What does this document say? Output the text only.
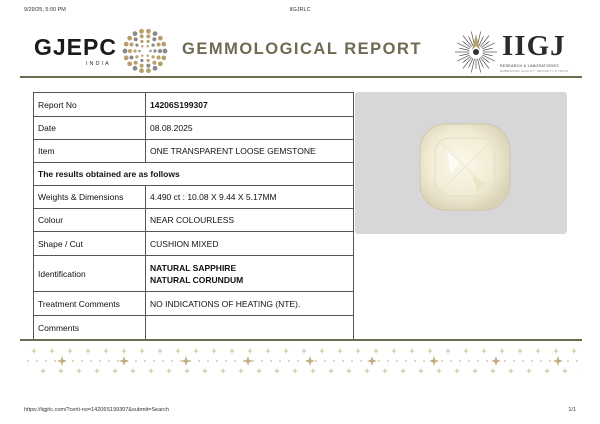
9/29/25, 5:00 PM	IIGJRLC
GJEPC
INDIA
GEMMOLOGICAL REPORT	IIGJ
RESEARCH & LABORATORIES
EMBRACING QUALITY, SECURITY & TRUST
Report No	14206S199307
Date	08.08.2025
Item	ONE TRANSPARENT LOOSE GEMSTONE
The results obtained are as follows	
Weights & Dimensions	4.490 ct : 10.08 X 9.44 X 5.17MM
Colour	NEAR COLOURLESS
Shape / Cut	CUSHION MIXED
Identification	NATURAL SAPPHIRE
NATURAL CORUNDUM

Treatment Comments	NO INDICATIONS OF HEATING (NTE).
Comments	
https://iigjrlc.com/?certi-no=14206S199307&submit=Search	1/1
